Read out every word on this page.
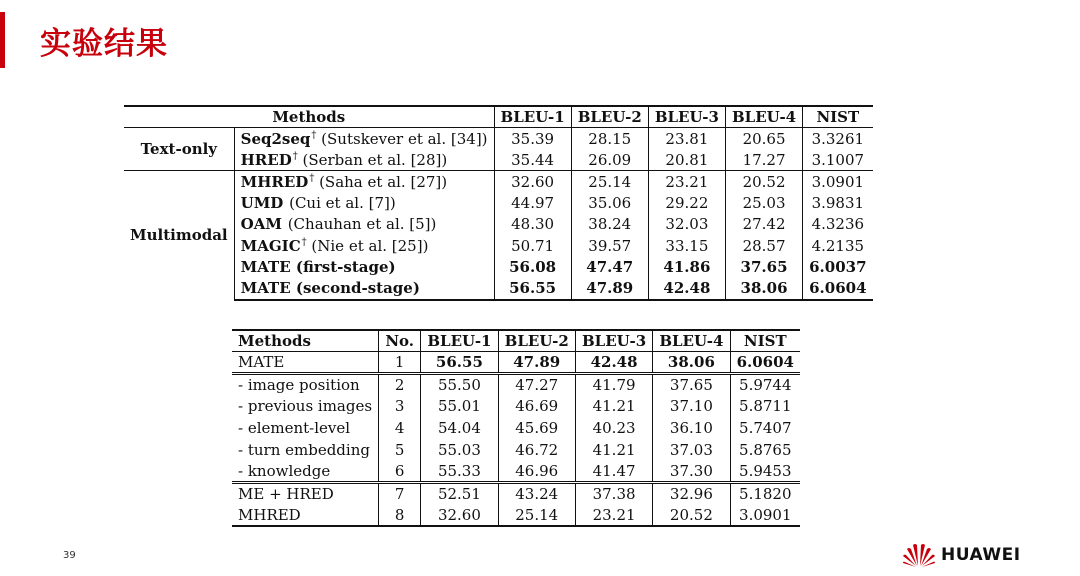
实验结果
Methods		BLEU-1	BLEU-2	BLEU-3	BLEU-4	NIST
Text-only	Seq2seq† (Sutskever et al. [34])	35.39	28.15	23.81	20.65	3.3261
	HRED† (Serban et al. [28])	35.44	26.09	20.81	17.27	3.1007
Multimodal	MHRED† (Saha et al. [27])	32.60	25.14	23.21	20.52	3.0901
	UMD (Cui et al. [7])	44.97	35.06	29.22	25.03	3.9831
	OAM (Chauhan et al. [5])	48.30	38.24	32.03	27.42	4.3236
	MAGIC† (Nie et al. [25])	50.71	39.57	33.15	28.57	4.2135
	MATE (first-stage)	56.08	47.47	41.86	37.65	6.0037
	MATE (second-stage)	56.55	47.89	42.48	38.06	6.0604
Methods	No.	BLEU-1	BLEU-2	BLEU-3	BLEU-4	NIST
MATE	1	56.55	47.89	42.48	38.06	6.0604
- image position	2	55.50	47.27	41.79	37.65	5.9744
- previous images	3	55.01	46.69	41.21	37.10	5.8711
- element-level	4	54.04	45.69	40.23	36.10	5.7407
- turn embedding	5	55.03	46.72	41.21	37.03	5.8765
- knowledge	6	55.33	46.96	41.47	37.30	5.9453
ME + HRED	7	52.51	43.24	37.38	32.96	5.1820
MHRED	8	32.60	25.14	23.21	20.52	3.0901
39	HUAWEI
